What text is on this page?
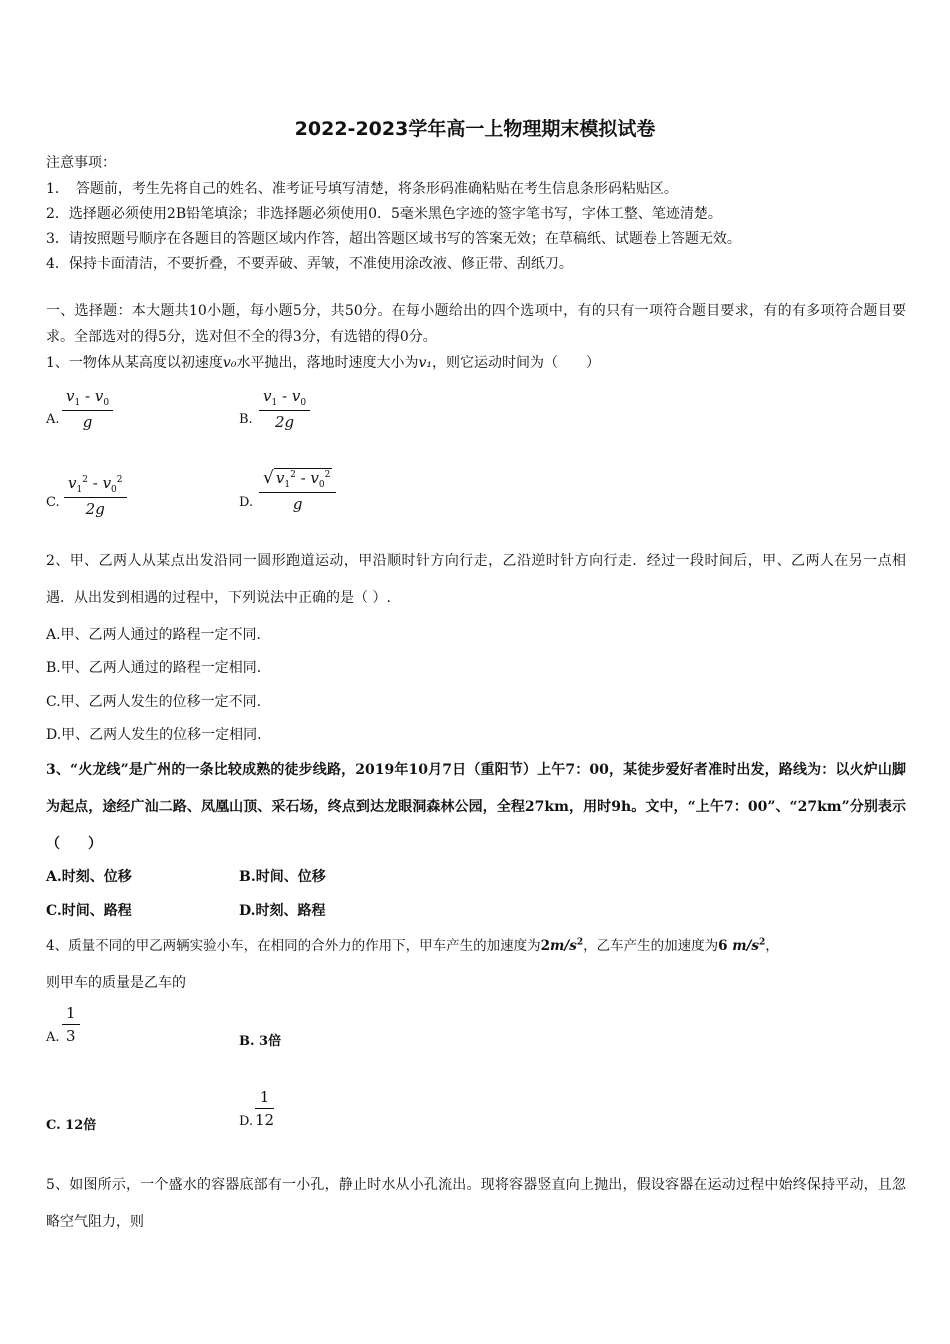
2022-2023学年高一上物理期末模拟试卷
注意事项：
1．　答题前，考生先将自己的姓名、准考证号填写清楚，将条形码准确粘贴在考生信息条形码粘贴区。
2．选择题必须使用2B铅笔填涂；非选择题必须使用0．5毫米黑色字迹的签字笔书写，字体工整、笔迹清楚。
3．请按照题号顺序在各题目的答题区域内作答，超出答题区域书写的答案无效；在草稿纸、试题卷上答题无效。
4．保持卡面清洁，不要折叠，不要弄破、弄皱，不准使用涂改液、修正带、刮纸刀。
一、选择题：本大题共10小题，每小题5分，共50分。在每小题给出的四个选项中，有的只有一项符合题目要求，有的有多项符合题目要求。全部选对的得5分，选对但不全的得3分，有选错的得0分。
1、一物体从某高度以初速度v₀水平抛出，落地时速度大小为v₁，则它运动时间为（　　）
A. $\frac{v_1 - v_0}{g}$	B. $\frac{v_1 - v_0}{2g}$
C. $\frac{v_1^2 - v_0^2}{2g}$	D. $\frac{√ v_1^2 - v_0^2}{g}$
2、甲、乙两人从某点出发沿同一圆形跑道运动，甲沿顺时针方向行走，乙沿逆时针方向行走．经过一段时间后，甲、乙两人在另一点相遇．从出发到相遇的过程中，下列说法中正确的是（ ）.
A.甲、乙两人通过的路程一定不同.
B.甲、乙两人通过的路程一定相同.
C.甲、乙两人发生的位移一定不同.
D.甲、乙两人发生的位移一定相同.
3、“火龙线”是广州的一条比较成熟的徒步线路，2019年10月7日（重阳节）上午7：00，某徒步爱好者准时出发，路线为：以火炉山脚为起点，途经广汕二路、凤凰山顶、采石场，终点到达龙眼洞森林公园，全程27km，用时9h。文中，“上午7：00”、“27km”分别表示（　　）
A.时刻、位移	B.时间、位移
C.时间、路程	D.时刻、路程
4、质量不同的甲乙两辆实验小车，在相同的合外力的作用下，甲车产生的加速度为$2m/s^2$，乙车产生的加速度为6 $m/s^2$，
则甲车的质量是乙车的
A. $\frac{1}{3}$	B. 3倍
C. 12倍	D. $\frac{1}{12}$
5、如图所示，一个盛水的容器底部有一小孔，静止时水从小孔流出。现将容器竖直向上抛出，假设容器在运动过程中始终保持平动，且忽略空气阻力，则
